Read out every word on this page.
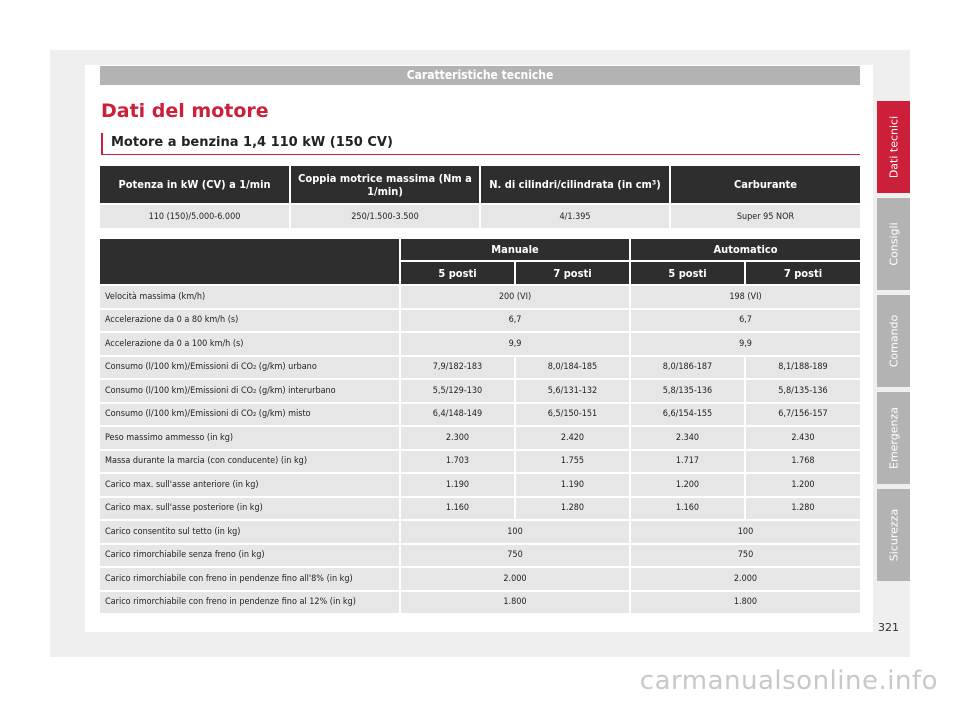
Caratteristiche tecniche
Dati del motore
Motore a benzina 1,4 110 kW (150 CV)
Potenza in kW (CV) a 1/min	Coppia motrice massima (Nm a 1/min)	N. di cilindri/cilindrata (in cm³)	Carburante
110 (150)/5.000-6.000	250/1.500-3.500	4/1.395	Super 95 NOR
	Manuale		Automatico	
	5 posti	7 posti	5 posti	7 posti
Velocità massima (km/h)	200 (VI)		198 (VI)	
Accelerazione da 0 a 80 km/h (s)	6,7		6,7	
Accelerazione da 0 a 100 km/h (s)	9,9		9,9	
Consumo (l/100 km)/Emissioni di CO₂ (g/km) urbano	7,9/182-183	8,0/184-185	8,0/186-187	8,1/188-189
Consumo (l/100 km)/Emissioni di CO₂ (g/km) interurbano	5,5/129-130	5,6/131-132	5,8/135-136	5,8/135-136
Consumo (l/100 km)/Emissioni di CO₂ (g/km) misto	6,4/148-149	6,5/150-151	6,6/154-155	6,7/156-157
Peso massimo ammesso (in kg)	2.300	2.420	2.340	2.430
Massa durante la marcia (con conducente) (in kg)	1.703	1.755	1.717	1.768
Carico max. sull'asse anteriore (in kg)	1.190	1.190	1.200	1.200
Carico max. sull'asse posteriore (in kg)	1.160	1.280	1.160	1.280
Carico consentito sul tetto (in kg)	100		100	
Carico rimorchiabile senza freno (in kg)	750		750	
Carico rimorchiabile con freno in pendenze fino all'8% (in kg)	2.000		2.000	
Carico rimorchiabile con freno in pendenze fino al 12% (in kg)	1.800		1.800	
Dati tecnici
Consigli
Comando
Emergenza
Sicurezza
321
carmanualsonline.info
